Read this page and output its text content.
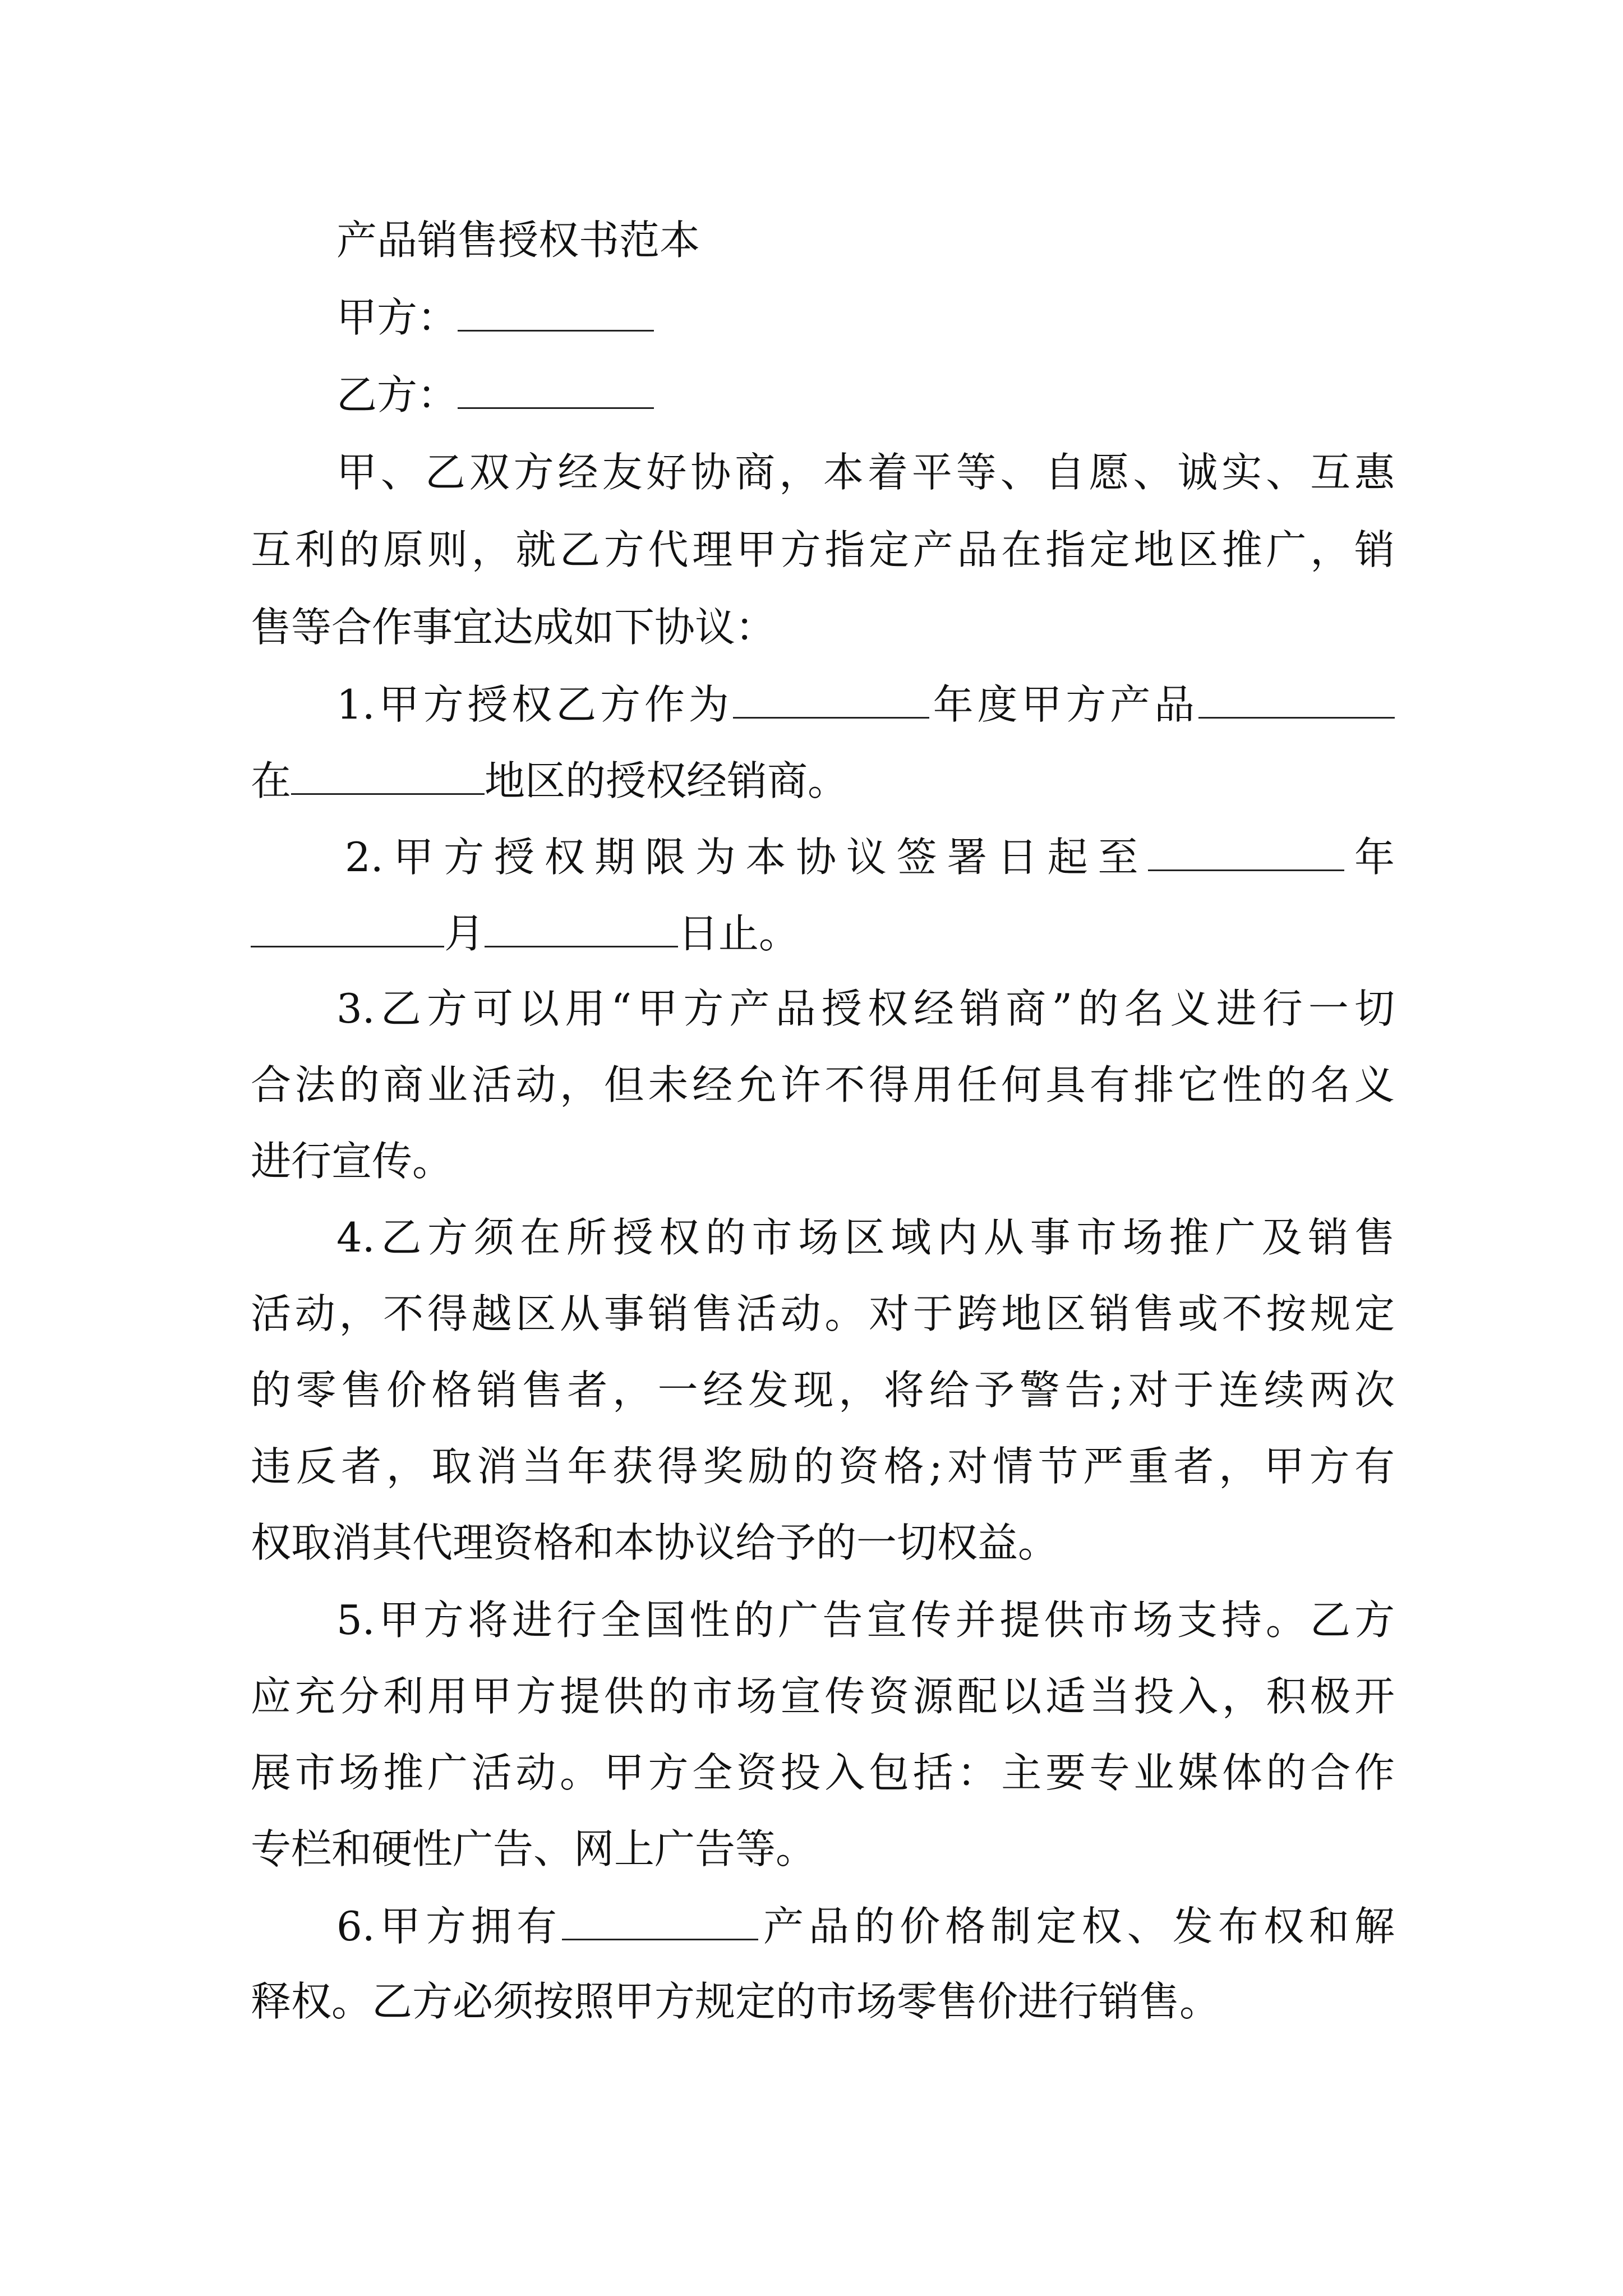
产品销售授权书范本
甲方：
乙方：
甲、乙双方经友好协商，本着平等、自愿、诚实、互惠
互利的原则，就乙方代理甲方指定产品在指定地区推广，销
售等合作事宜达成如下协议：
1.甲方授权乙方作为	年度甲方产品
在	地区的授权经销商。
2.甲方授权期限为本协议签署日起至	年
月	日止。
3.乙方可以用“甲方产品授权经销商”的名义进行一切
合法的商业活动，但未经允许不得用任何具有排它性的名义
进行宣传。
4.乙方须在所授权的市场区域内从事市场推广及销售
活动，不得越区从事销售活动。对于跨地区销售或不按规定
的零售价格销售者，一经发现，将给予警告;对于连续两次
违反者，取消当年获得奖励的资格;对情节严重者，甲方有
权取消其代理资格和本协议给予的一切权益。
5.甲方将进行全国性的广告宣传并提供市场支持。乙方
应充分利用甲方提供的市场宣传资源配以适当投入，积极开
展市场推广活动。甲方全资投入包括：主要专业媒体的合作
专栏和硬性广告、网上广告等。
6.甲方拥有	产品的价格制定权、发布权和解
释权。乙方必须按照甲方规定的市场零售价进行销售。
